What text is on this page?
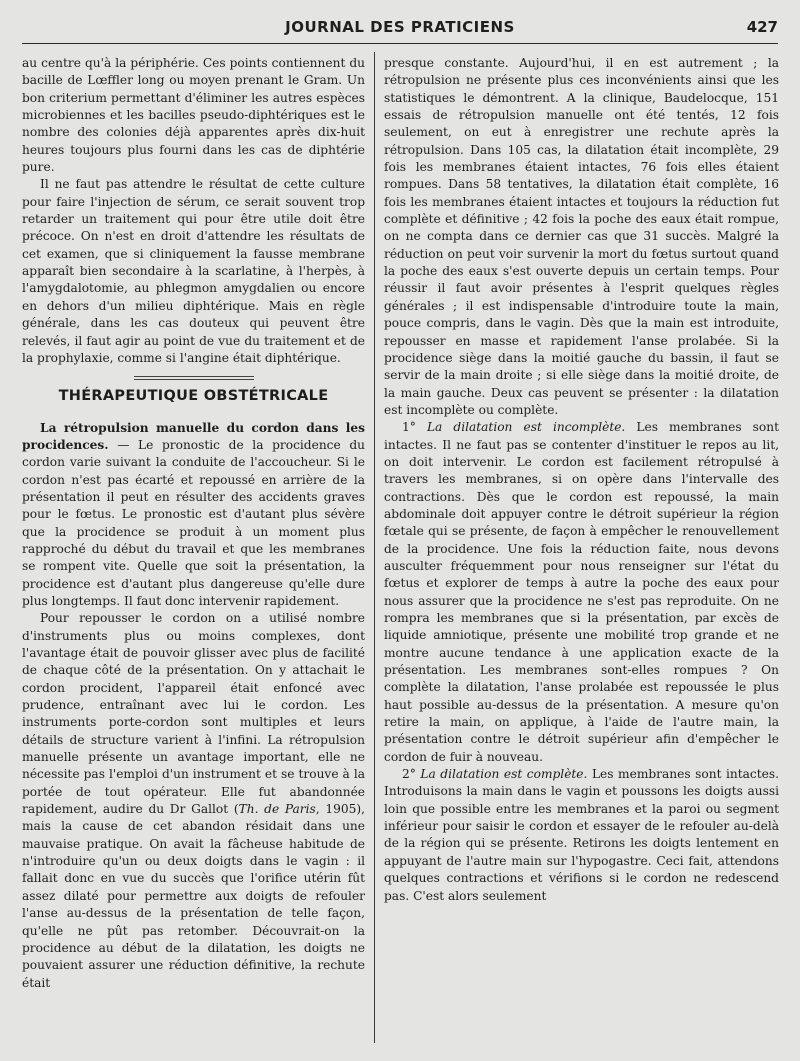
JOURNAL DES PRATICIENS	427

au centre qu'à la périphérie. Ces points contiennent du bacille de Lœffler long ou moyen prenant le Gram. Un bon criterium permettant d'éliminer les autres espèces microbiennes et les bacilles pseudo-diphtériques est le nombre des colonies déjà apparentes après dix-huit heures toujours plus fourni dans les cas de diphtérie pure.

Il ne faut pas attendre le résultat de cette culture pour faire l'injection de sérum, ce serait souvent trop retarder un traitement qui pour être utile doit être précoce. On n'est en droit d'attendre les résultats de cet examen, que si cliniquement la fausse membrane apparaît bien secondaire à la scarlatine, à l'herpès, à l'amygdalotomie, au phlegmon amygdalien ou encore en dehors d'un milieu diphtérique. Mais en règle générale, dans les cas douteux qui peuvent être relevés, il faut agir au point de vue du traitement et de la prophylaxie, comme si l'angine était diphtérique.

THÉRAPEUTIQUE OBSTÉTRICALE

La rétropulsion manuelle du cordon dans les procidences. — Le pronostic de la procidence du cordon varie suivant la conduite de l'accoucheur. Si le cordon n'est pas écarté et repoussé en arrière de la présentation il peut en résulter des accidents graves pour le fœtus. Le pronostic est d'autant plus sévère que la procidence se produit à un moment plus rapproché du début du travail et que les membranes se rompent vite. Quelle que soit la présentation, la procidence est d'autant plus dangereuse qu'elle dure plus longtemps. Il faut donc intervenir rapidement.

Pour repousser le cordon on a utilisé nombre d'instruments plus ou moins complexes, dont l'avantage était de pouvoir glisser avec plus de facilité de chaque côté de la présentation. On y attachait le cordon procident, l'appareil était enfoncé avec prudence, entraînant avec lui le cordon. Les instruments porte-cordon sont multiples et leurs détails de structure varient à l'infini. La rétropulsion manuelle présente un avantage important, elle ne nécessite pas l'emploi d'un instrument et se trouve à la portée de tout opérateur. Elle fut abandonnée rapidement, audire du Dr Gallot (Th. de Paris, 1905), mais la cause de cet abandon résidait dans une mauvaise pratique. On avait la fâcheuse habitude de n'introduire qu'un ou deux doigts dans le vagin : il fallait donc en vue du succès que l'orifice utérin fût assez dilaté pour permettre aux doigts de refouler l'anse au-dessus de la présentation de telle façon, qu'elle ne pût pas retomber. Découvrait-on la procidence au début de la dilatation, les doigts ne pouvaient assurer une réduction définitive, la rechute était

presque constante. Aujourd'hui, il en est autrement ; la rétropulsion ne présente plus ces inconvénients ainsi que les statistiques le démontrent. A la clinique, Baudelocque, 151 essais de rétropulsion manuelle ont été tentés, 12 fois seulement, on eut à enregistrer une rechute après la rétropulsion. Dans 105 cas, la dilatation était incomplète, 29 fois les membranes étaient intactes, 76 fois elles étaient rompues. Dans 58 tentatives, la dilatation était complète, 16 fois les membranes étaient intactes et toujours la réduction fut complète et définitive ; 42 fois la poche des eaux était rompue, on ne compta dans ce dernier cas que 31 succès. Malgré la réduction on peut voir survenir la mort du fœtus surtout quand la poche des eaux s'est ouverte depuis un certain temps. Pour réussir il faut avoir présentes à l'esprit quelques règles générales ; il est indispensable d'introduire toute la main, pouce compris, dans le vagin. Dès que la main est introduite, repousser en masse et rapidement l'anse prolabée. Si la procidence siège dans la moitié gauche du bassin, il faut se servir de la main droite ; si elle siège dans la moitié droite, de la main gauche. Deux cas peuvent se présenter : la dilatation est incomplète ou complète.

1° La dilatation est incomplète. Les membranes sont intactes. Il ne faut pas se contenter d'instituer le repos au lit, on doit intervenir. Le cordon est facilement rétropulsé à travers les membranes, si on opère dans l'intervalle des contractions. Dès que le cordon est repoussé, la main abdominale doit appuyer contre le détroit supérieur la région fœtale qui se présente, de façon à empêcher le renouvellement de la procidence. Une fois la réduction faite, nous devons ausculter fréquemment pour nous renseigner sur l'état du fœtus et explorer de temps à autre la poche des eaux pour nous assurer que la procidence ne s'est pas reproduite. On ne rompra les membranes que si la présentation, par excès de liquide amniotique, présente une mobilité trop grande et ne montre aucune tendance à une application exacte de la présentation. Les membranes sont-elles rompues ? On complète la dilatation, l'anse prolabée est repoussée le plus haut possible au-dessus de la présentation. A mesure qu'on retire la main, on applique, à l'aide de l'autre main, la présentation contre le détroit supérieur afin d'empêcher le cordon de fuir à nouveau.

2° La dilatation est complète. Les membranes sont intactes. Introduisons la main dans le vagin et poussons les doigts aussi loin que possible entre les membranes et la paroi ou segment inférieur pour saisir le cordon et essayer de le refouler au-delà de la région qui se présente. Retirons les doigts lentement en appuyant de l'autre main sur l'hypogastre. Ceci fait, attendons quelques contractions et vérifions si le cordon ne redescend pas. C'est alors seulement
